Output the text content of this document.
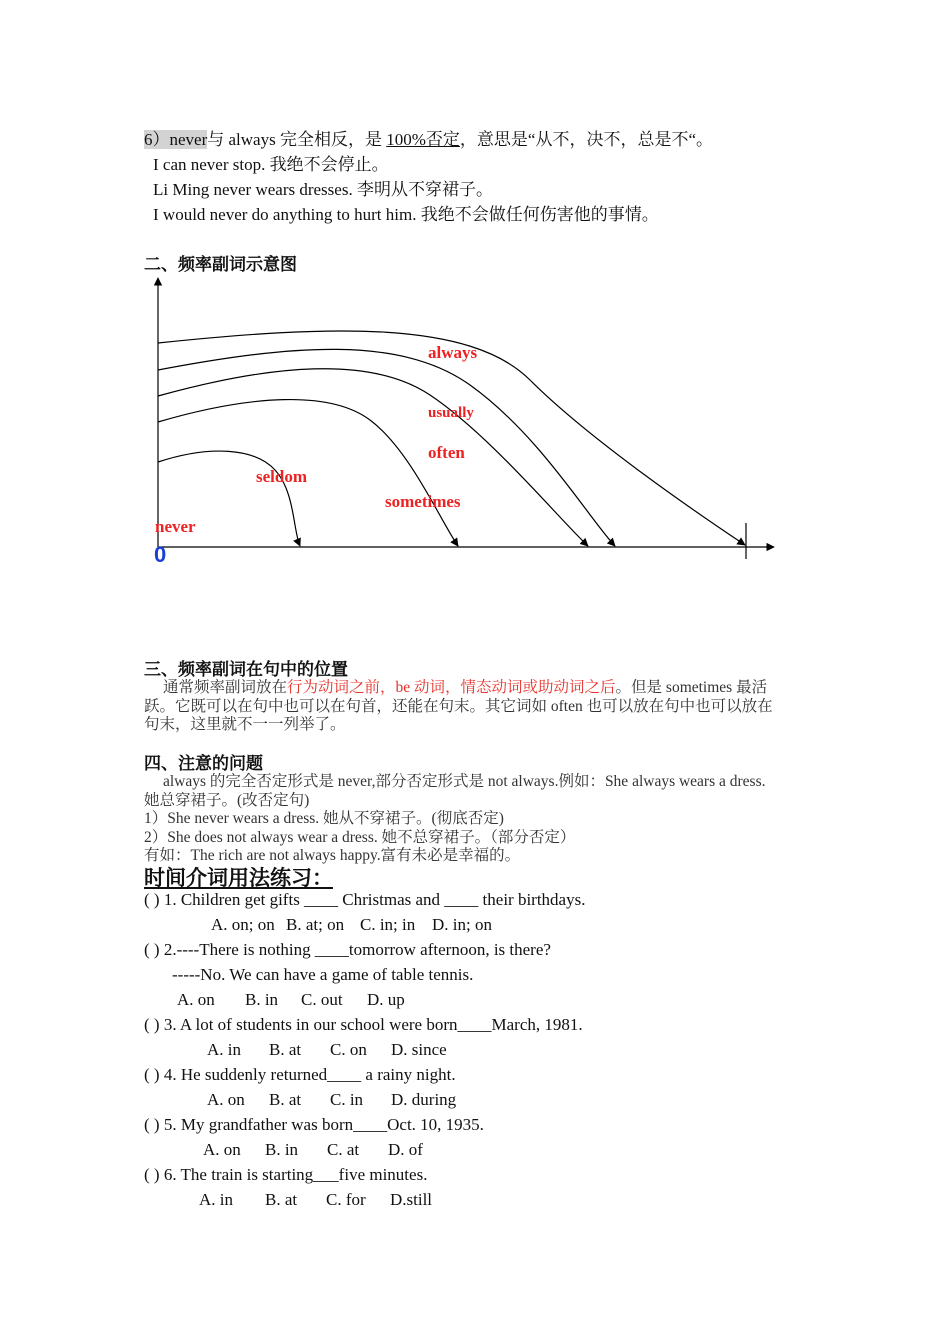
6）never与 always 完全相反，是 100%否定，意思是“从不，决不，总是不“。
I can never stop. 我绝不会停止。
Li Ming never wears dresses. 李明从不穿裙子。
I would never do anything to hurt him. 我绝不会做任何伤害他的事情。
二、频率副词示意图
always
usually
often
seldom
sometimes
never
0
三、频率副词在句中的位置
通常频率副词放在行为动词之前，be 动词，情态动词或助动词之后。但是 sometimes 最活
跃。它既可以在句中也可以在句首，还能在句末。其它词如 often 也可以放在句中也可以放在
句末，这里就不一一列举了。
四、注意的问题
always 的完全否定形式是 never,部分否定形式是 not always.例如：She always wears a dress.
她总穿裙子。(改否定句)
1）She never wears a dress. 她从不穿裙子。(彻底否定)
2）She does not always wear a dress. 她不总穿裙子。（部分否定）
有如：The rich are not always happy.富有未必是幸福的。
时间介词用法练习：
( ) 1. Children get gifts ____ Christmas and ____ their birthdays.
A. on; on B. at; on C. in; in D. in; on
( ) 2.----There is nothing ____tomorrow afternoon, is there?
-----No. We can have a game of table tennis.
A. on B. in C. out D. up
( ) 3. A lot of students in our school were born____March, 1981.
A. in B. at C. on D. since
( ) 4. He suddenly returned____ a rainy night.
A. on B. at C. in D. during
( ) 5. My grandfather was born____Oct. 10, 1935.
A. on B. in C. at D. of
( ) 6. The train is starting___five minutes.
A. in B. at C. for D.still
